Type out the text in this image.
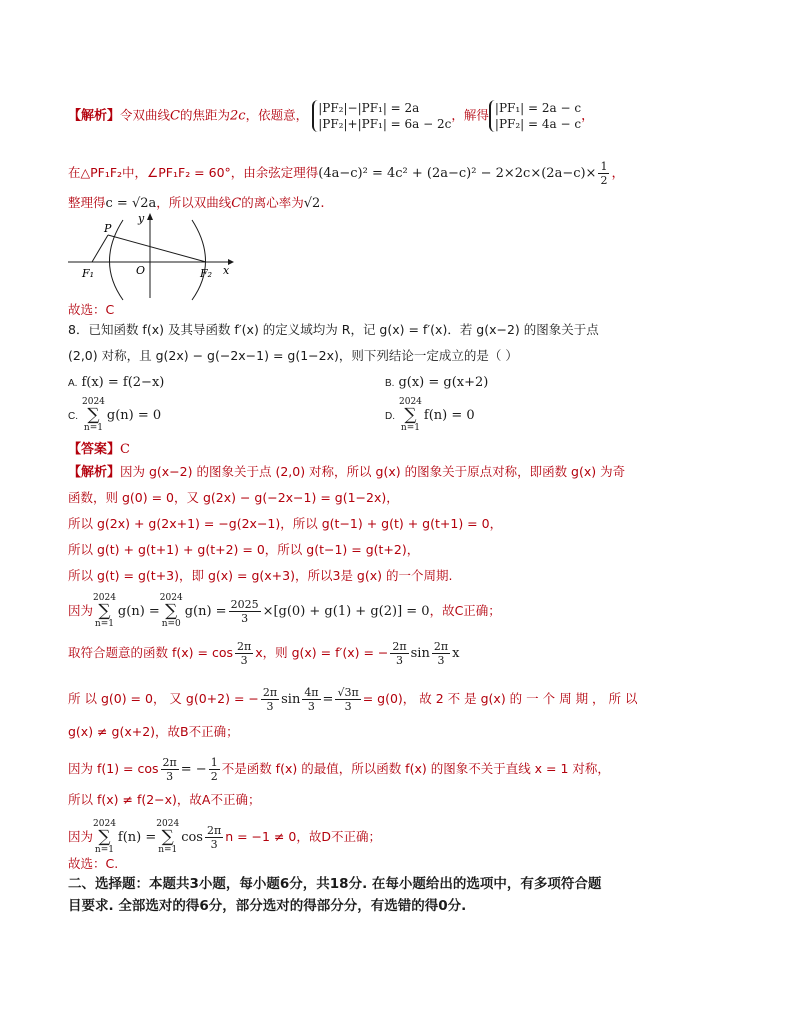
【解析】令双曲线C的焦距为2c，依题意， |PF₂|−|PF₁| = 2a
|PF₂|+|PF₁| = 6a − 2c
，解得 |PF₁| = 2a − c
|PF₂| = 4a − c
，
在△PF₁F₂中，∠PF₁F₂ = 60°，由余弦定理得$(4a-c)^2 = 4c^2 + (2a-c)^2 - 2\times 2c\times(2a-c)\times \frac{1}{2}$ ，
整理得c = √2a，所以双曲线C的离心率为√2.
y
x
P
O
F₁	F₂
故选：C
8．已知函数 f(x) 及其导函数 f′(x) 的定义域均为 R，记 g(x) = f′(x)．若 g(x−2) 的图象关于点
(2,0) 对称，且 g(2x) − g(−2x−1) = g(1−2x)，则下列结论一定成立的是（ ）
A. f(x) = f(2−x)	B. g(x) = g(x+2)
C.2024
∑
n=1g(n) = 0	D.2024
∑
n=1f(n) = 0
【答案】C
【解析】因为 g(x−2) 的图象关于点 (2,0) 对称，所以 g(x) 的图象关于原点对称，即函数 g(x) 为奇
函数，则 g(0) = 0，又 g(2x) − g(−2x−1) = g(1−2x)，
所以 g(2x) + g(2x+1) = −g(2x−1)，所以 g(t−1) + g(t) + g(t+1) = 0，
所以 g(t) + g(t+1) + g(t+2) = 0，所以 g(t−1) = g(t+2)，
所以 g(t) = g(t+3)，即 g(x) = g(x+3)，所以3是 g(x) 的一个周期.
因为2024
∑
n=1g(n) =2024
∑
$n=0g(n) = \frac{2025}{3} \times[g(0) + g(1) + g(2)] = 0$，故C正确；
取符合题意的函数 $f(x) = \cos \frac{2\pi}{3}$ x，则 g(x) = f′(x) = − $\frac{2\pi}{3}$ $\sin \frac{2\pi}{3}$ x
所 以 g(0) = 0， 又 g(0+2) = − $\frac{2\pi}{3}$ $\sin \frac{4\pi}{3} = \frac{√3\pi}{3} = g(0)$， 故 2 不 是 g(x) 的 一 个 周 期 ， 所 以
g(x) ≠ g(x+2)，故B不正确；
因为 $f(1) = \cos \frac{2\pi}{3}$ = − $\frac{1}{2}$ 不是函数 f(x) 的最值，所以函数 f(x) 的图象不关于直线 x = 1 对称，
所以 f(x) ≠ f(2−x)，故A不正确；
因为2024
∑
n=1f(n) =2024
∑
$n=1\cos \frac{2\pi}{3}$ n = −1 ≠ 0，故D不正确；
故选：C.
二、选择题：本题共3小题，每小题6分，共18分. 在每小题给出的选项中，有多项符合题
目要求. 全部选对的得6分，部分选对的得部分分，有选错的得0分.
